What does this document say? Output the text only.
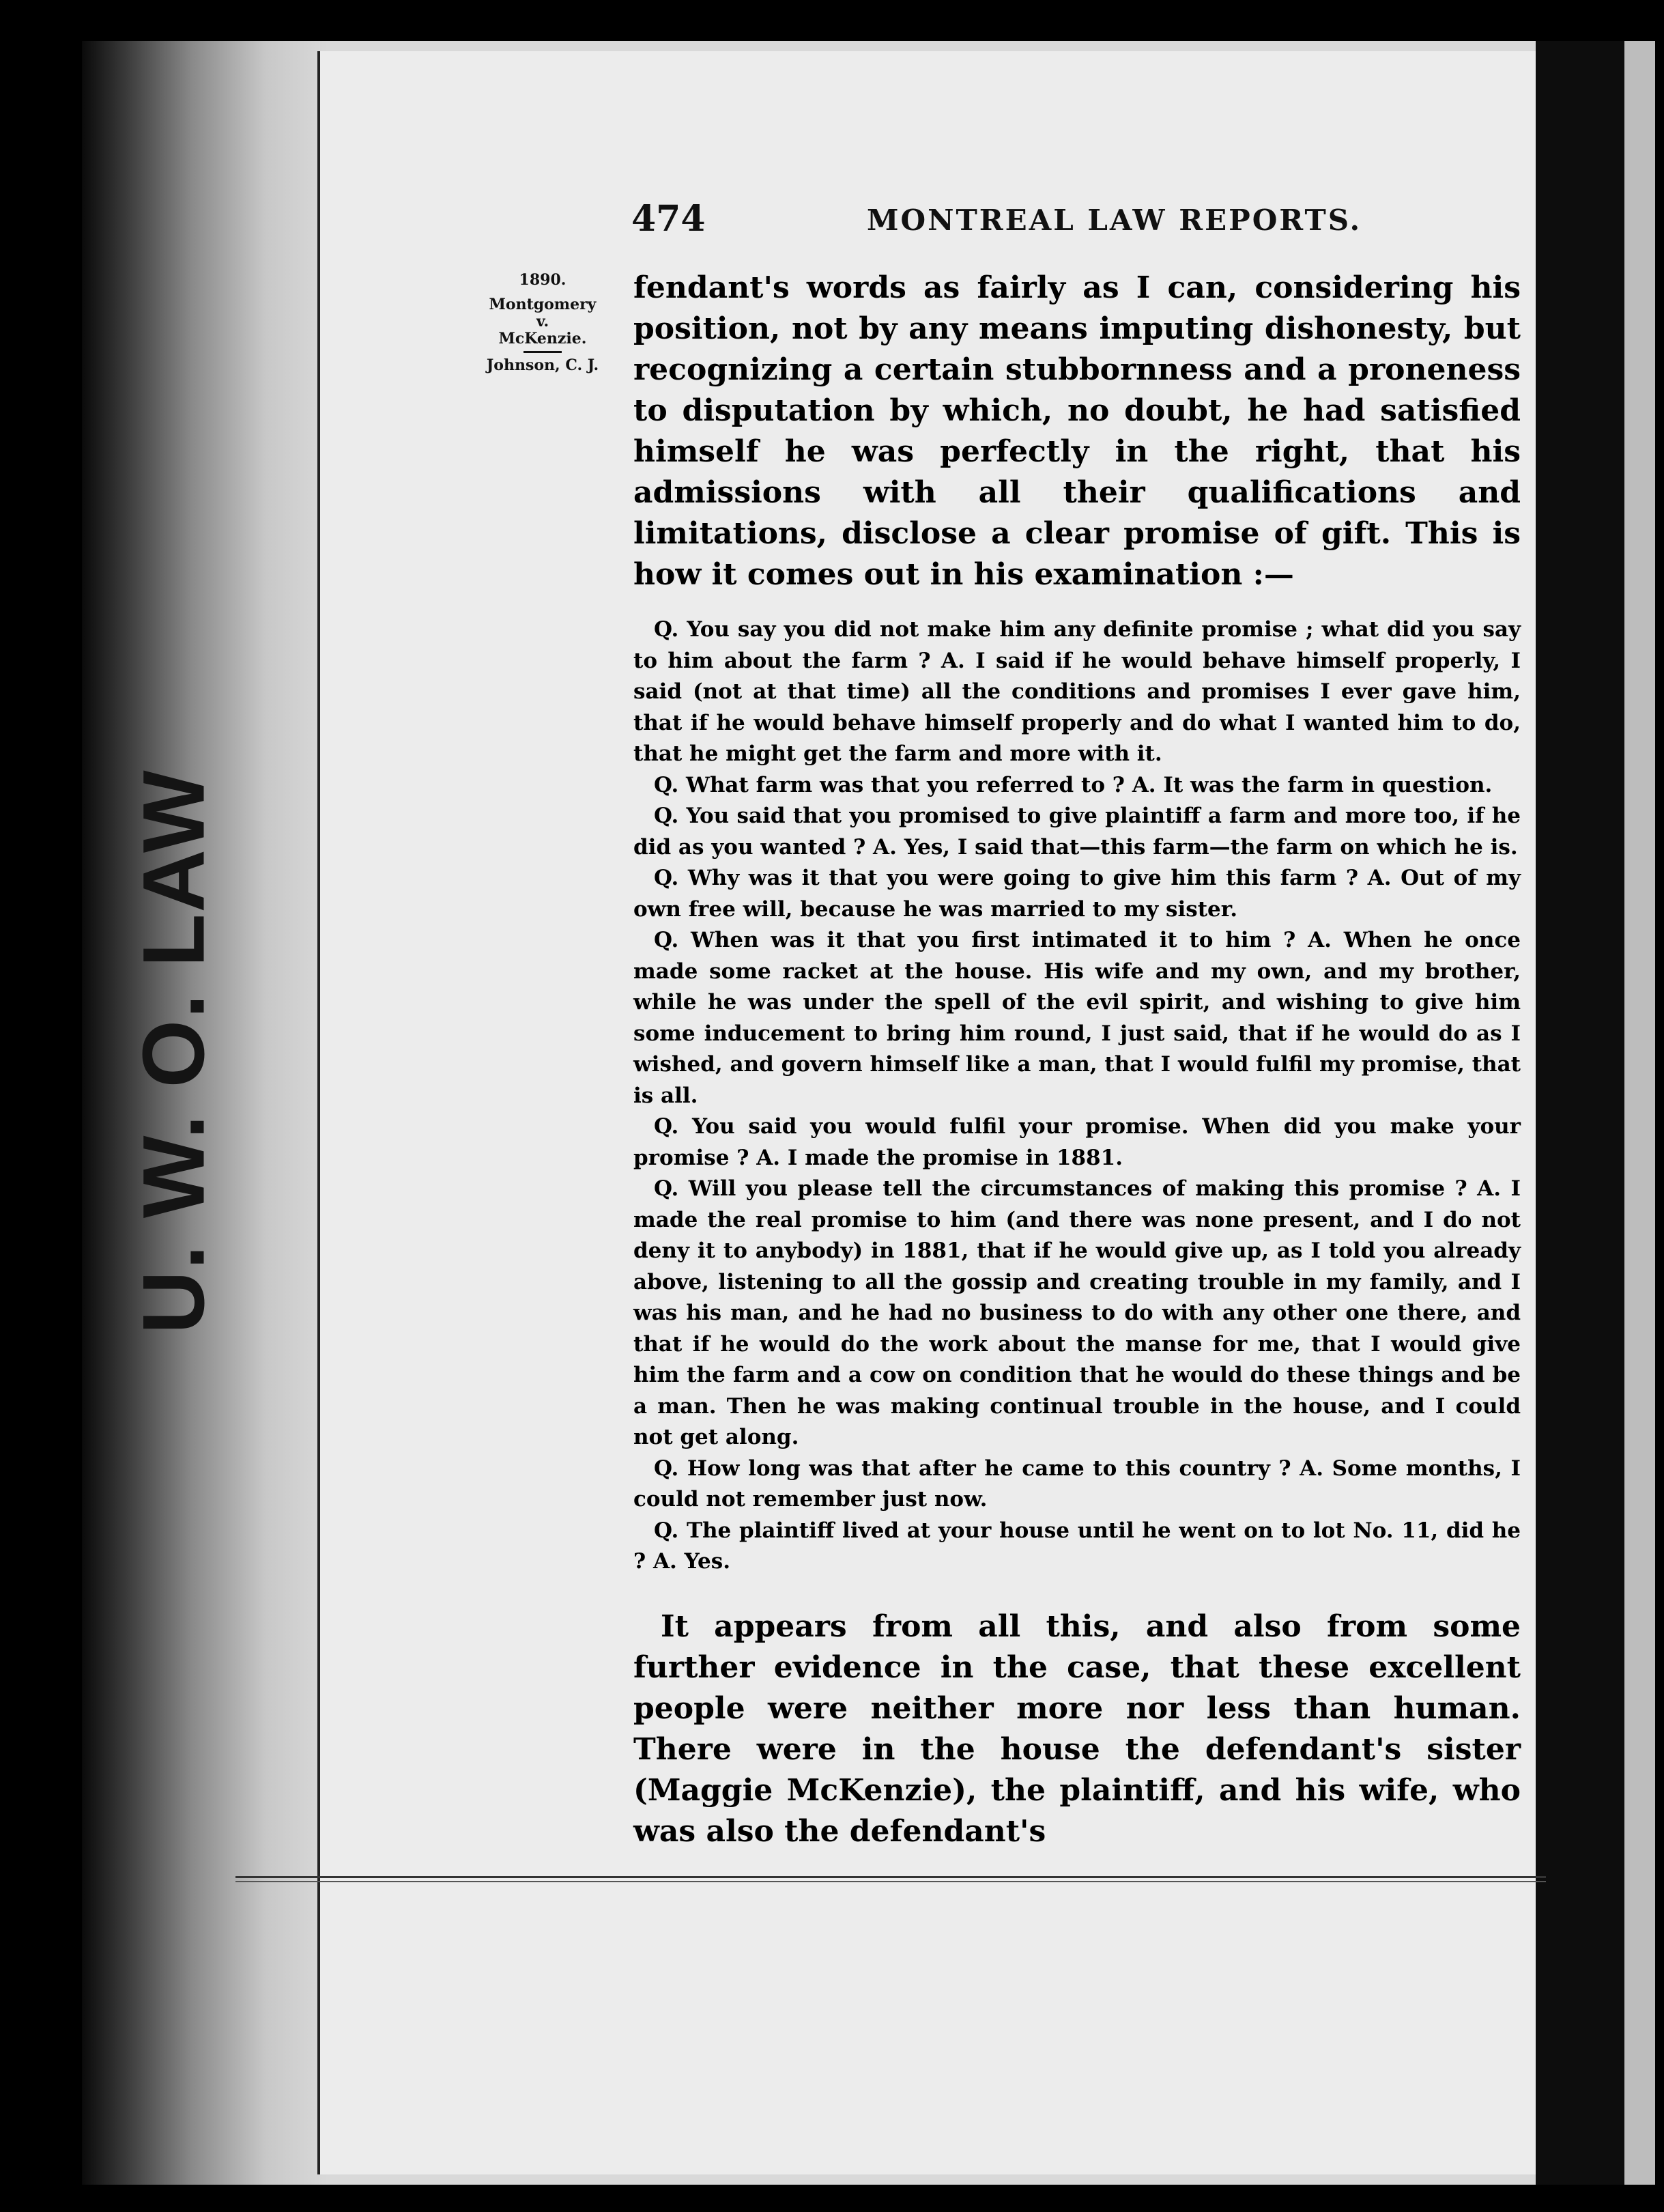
U. W. O. LAW
474	MONTREAL LAW REPORTS.
1890.
Montgomery
v.
McKenzie.
Johnson, C. J.

fendant's words as fairly as I can, considering his position, not by any means imputing dishonesty, but recognizing a certain stubbornness and a proneness to disputation by which, no doubt, he had satisfied himself he was perfectly in the right, that his admissions with all their qualifications and limitations, disclose a clear promise of gift. This is how it comes out in his examination :—

Q. You say you did not make him any definite promise ; what did you say to him about the farm ? A. I said if he would behave himself properly, I said (not at that time) all the conditions and promises I ever gave him, that if he would behave himself properly and do what I wanted him to do, that he might get the farm and more with it.

Q. What farm was that you referred to ? A. It was the farm in question.

Q. You said that you promised to give plaintiff a farm and more too, if he did as you wanted ? A. Yes, I said that—this farm—the farm on which he is.

Q. Why was it that you were going to give him this farm ? A. Out of my own free will, because he was married to my sister.

Q. When was it that you first intimated it to him ? A. When he once made some racket at the house. His wife and my own, and my brother, while he was under the spell of the evil spirit, and wishing to give him some inducement to bring him round, I just said, that if he would do as I wished, and govern himself like a man, that I would fulfil my promise, that is all.

Q. You said you would fulfil your promise. When did you make your promise ? A. I made the promise in 1881.

Q. Will you please tell the circumstances of making this promise ? A. I made the real promise to him (and there was none present, and I do not deny it to anybody) in 1881, that if he would give up, as I told you already above, listening to all the gossip and creating trouble in my family, and I was his man, and he had no business to do with any other one there, and that if he would do the work about the manse for me, that I would give him the farm and a cow on condition that he would do these things and be a man. Then he was making continual trouble in the house, and I could not get along.

Q. How long was that after he came to this country ? A. Some months, I could not remember just now.

Q. The plaintiff lived at your house until he went on to lot No. 11, did he ? A. Yes.

It appears from all this, and also from some further evidence in the case, that these excellent people were neither more nor less than human. There were in the house the defendant's sister (Maggie McKenzie), the plaintiff, and his wife, who was also the defendant's
